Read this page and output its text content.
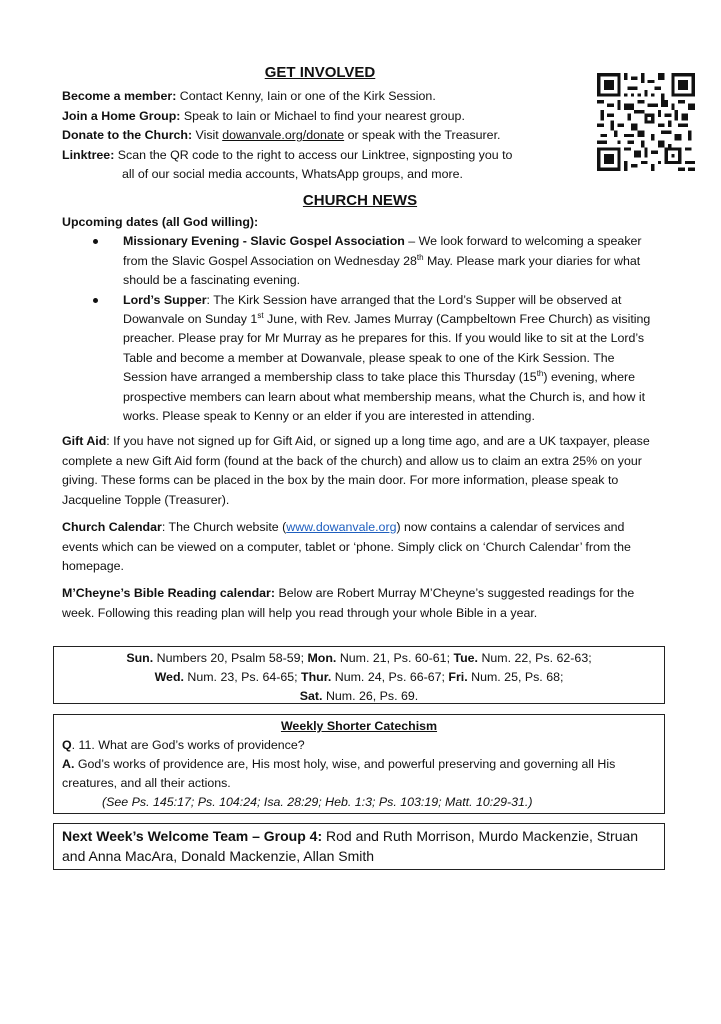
GET INVOLVED
Become a member: Contact Kenny, Iain or one of the Kirk Session.
Join a Home Group: Speak to Iain or Michael to find your nearest group.
Donate to the Church: Visit dowanvale.org/donate or speak with the Treasurer.
Linktree: Scan the QR code to the right to access our Linktree, signposting you to
all of our social media accounts, WhatsApp groups, and more.
CHURCH NEWS
Upcoming dates (all God willing):
Missionary Evening - Slavic Gospel Association – We look forward to welcoming a speaker from the Slavic Gospel Association on Wednesday 28th May. Please mark your diaries for what should be a fascinating evening.
Lord’s Supper: The Kirk Session have arranged that the Lord’s Supper will be observed at Dowanvale on Sunday 1st June, with Rev. James Murray (Campbeltown Free Church) as visiting preacher. Please pray for Mr Murray as he prepares for this. If you would like to sit at the Lord’s Table and become a member at Dowanvale, please speak to one of the Kirk Session. The Session have arranged a membership class to take place this Thursday (15th) evening, where prospective members can learn about what membership means, what the Church is, and how it works. Please speak to Kenny or an elder if you are interested in attending.

Gift Aid: If you have not signed up for Gift Aid, or signed up a long time ago, and are a UK taxpayer, please complete a new Gift Aid form (found at the back of the church) and allow us to claim an extra 25% on your giving. These forms can be placed in the box by the main door. For more information, please speak to Jacqueline Topple (Treasurer).

Church Calendar: The Church website (www.dowanvale.org) now contains a calendar of services and events which can be viewed on a computer, tablet or ‘phone. Simply click on ‘Church Calendar’ from the homepage.

M’Cheyne’s Bible Reading calendar: Below are Robert Murray M’Cheyne’s suggested readings for the week. Following this reading plan will help you read through your whole Bible in a year.

Sun. Numbers 20, Psalm 58-59; Mon. Num. 21, Ps. 60-61; Tue. Num. 22, Ps. 62-63;
Wed. Num. 23, Ps. 64-65; Thur. Num. 24, Ps. 66-67; Fri. Num. 25, Ps. 68;
Sat. Num. 26, Ps. 69.
Weekly Shorter Catechism
Q. 11. What are God’s works of providence?
A. God’s works of providence are, His most holy, wise, and powerful preserving and governing all His creatures, and all their actions.
(See Ps. 145:17; Ps. 104:24; Isa. 28:29; Heb. 1:3; Ps. 103:19; Matt. 10:29-31.)
Next Week’s Welcome Team – Group 4: Rod and Ruth Morrison, Murdo Mackenzie, Struan and Anna MacAra, Donald Mackenzie, Allan Smith
